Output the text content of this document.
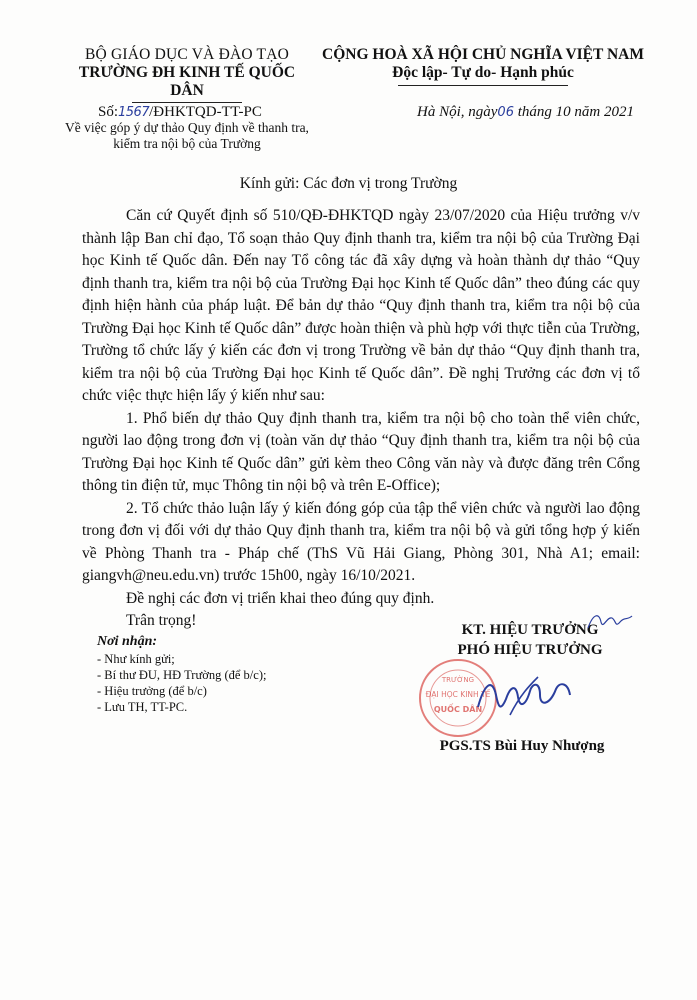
BỘ GIÁO DỤC VÀ ĐÀO TẠO
TRƯỜNG ĐH KINH TẾ QUỐC DÂN
CỘNG HOÀ XÃ HỘI CHỦ NGHĨA VIỆT NAM
Độc lập- Tự do- Hạnh phúc
Số:1567/ĐHKTQD-TT-PC
Về việc góp ý dự thảo Quy định về thanh tra,
kiểm tra nội bộ của Trường
Hà Nội, ngày06 tháng 10 năm 2021
Kính gửi: Các đơn vị trong Trường

Căn cứ Quyết định số 510/QĐ-ĐHKTQD ngày 23/07/2020 của Hiệu trưởng v/v thành lập Ban chỉ đạo, Tổ soạn thảo Quy định thanh tra, kiểm tra nội bộ của Trường Đại học Kinh tế Quốc dân. Đến nay Tổ công tác đã xây dựng và hoàn thành dự thảo “Quy định thanh tra, kiểm tra nội bộ của Trường Đại học Kinh tế Quốc dân” theo đúng các quy định hiện hành của pháp luật. Để bản dự thảo “Quy định thanh tra, kiểm tra nội bộ của Trường Đại học Kinh tế Quốc dân” được hoàn thiện và phù hợp với thực tiễn của Trường, Trường tổ chức lấy ý kiến các đơn vị trong Trường về bản dự thảo “Quy định thanh tra, kiểm tra nội bộ của Trường Đại học Kinh tế Quốc dân”. Đề nghị Trưởng các đơn vị tổ chức việc thực hiện lấy ý kiến như sau:

1. Phổ biến dự thảo Quy định thanh tra, kiểm tra nội bộ cho toàn thể viên chức, người lao động trong đơn vị (toàn văn dự thảo “Quy định thanh tra, kiểm tra nội bộ của Trường Đại học Kinh tế Quốc dân” gửi kèm theo Công văn này và được đăng trên Cổng thông tin điện tử, mục Thông tin nội bộ và trên E-Office);

2. Tổ chức thảo luận lấy ý kiến đóng góp của tập thể viên chức và người lao động trong đơn vị đối với dự thảo Quy định thanh tra, kiểm tra nội bộ và gửi tổng hợp ý kiến về Phòng Thanh tra - Pháp chế (ThS Vũ Hải Giang, Phòng 301, Nhà A1; email: giangvh@neu.edu.vn) trước 15h00, ngày 16/10/2021.

Đề nghị các đơn vị triển khai theo đúng quy định.

Trân trọng!

Nơi nhận:
- Như kính gửi;
- Bí thư ĐU, HĐ Trường (để b/c);
- Hiệu trưởng (để b/c)
- Lưu TH, TT-PC.
KT. HIỆU TRƯỞNG
PHÓ HIỆU TRƯỞNG
TRƯỜNG
ĐẠI HỌC KINH TẾ
QUỐC DÂN
PGS.TS Bùi Huy Nhượng
